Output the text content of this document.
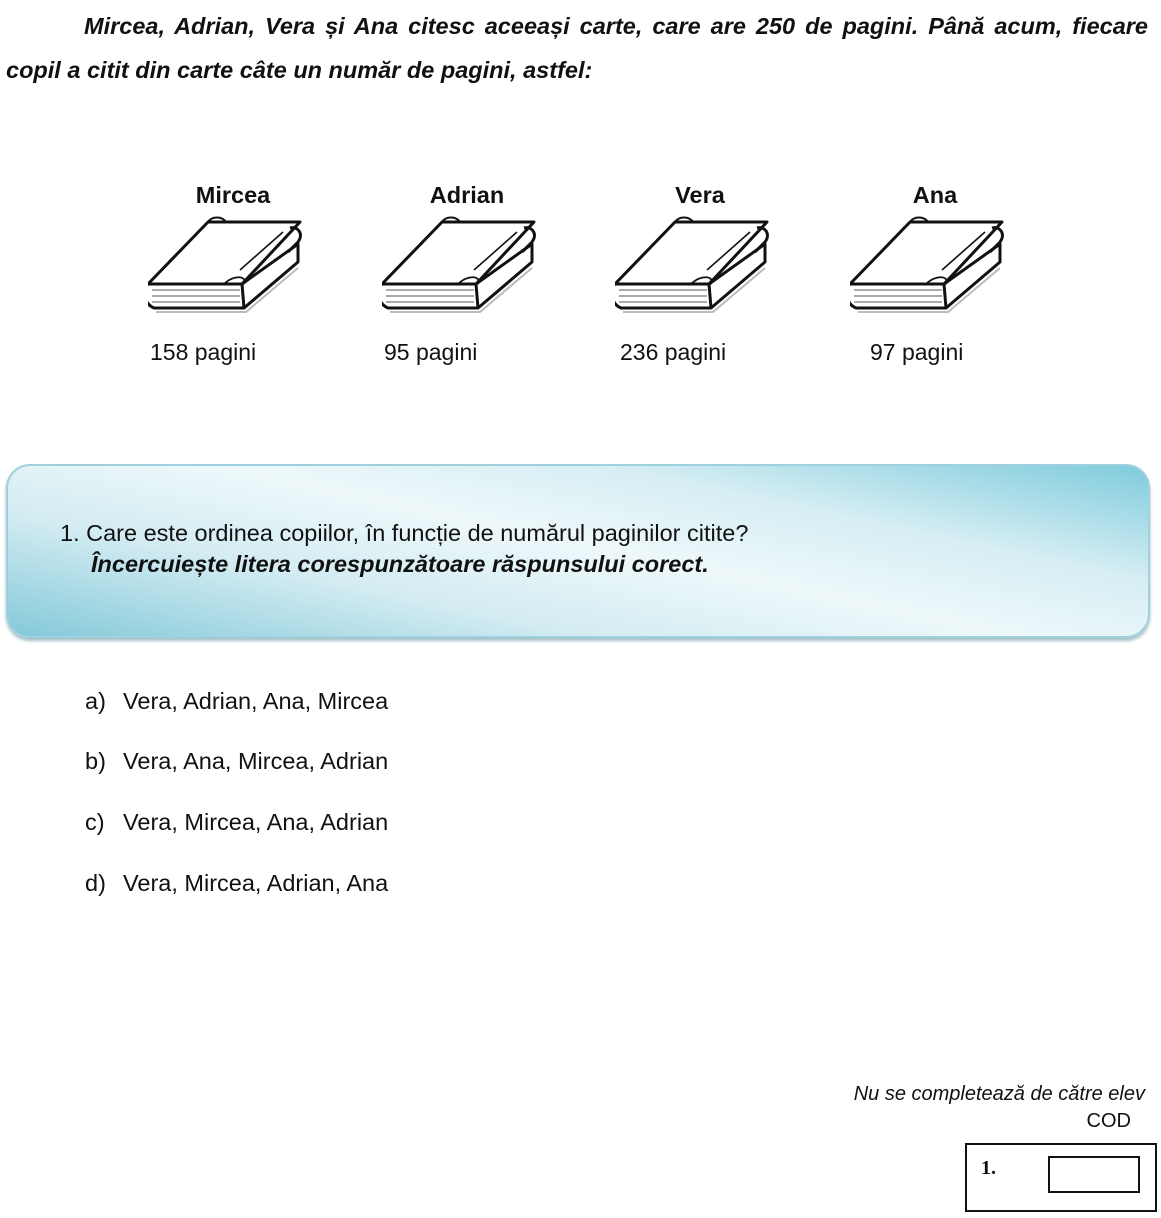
Mircea, Adrian, Vera și Ana citesc aceeași carte, care are 250 de pagini. Până acum, fiecare copil a citit din carte câte un număr de pagini, astfel:
Mircea
158 pagini
Adrian
95 pagini
Vera
236 pagini
Ana
97 pagini
1. Care este ordinea copiilor, în funcție de numărul paginilor citite?
Încercuiește litera corespunzătoare răspunsului corect.
a) Vera, Adrian, Ana, Mircea
b) Vera, Ana, Mircea, Adrian
c) Vera, Mircea, Ana, Adrian
d) Vera, Mircea, Adrian, Ana
Nu se completează de către elev
COD
1.
